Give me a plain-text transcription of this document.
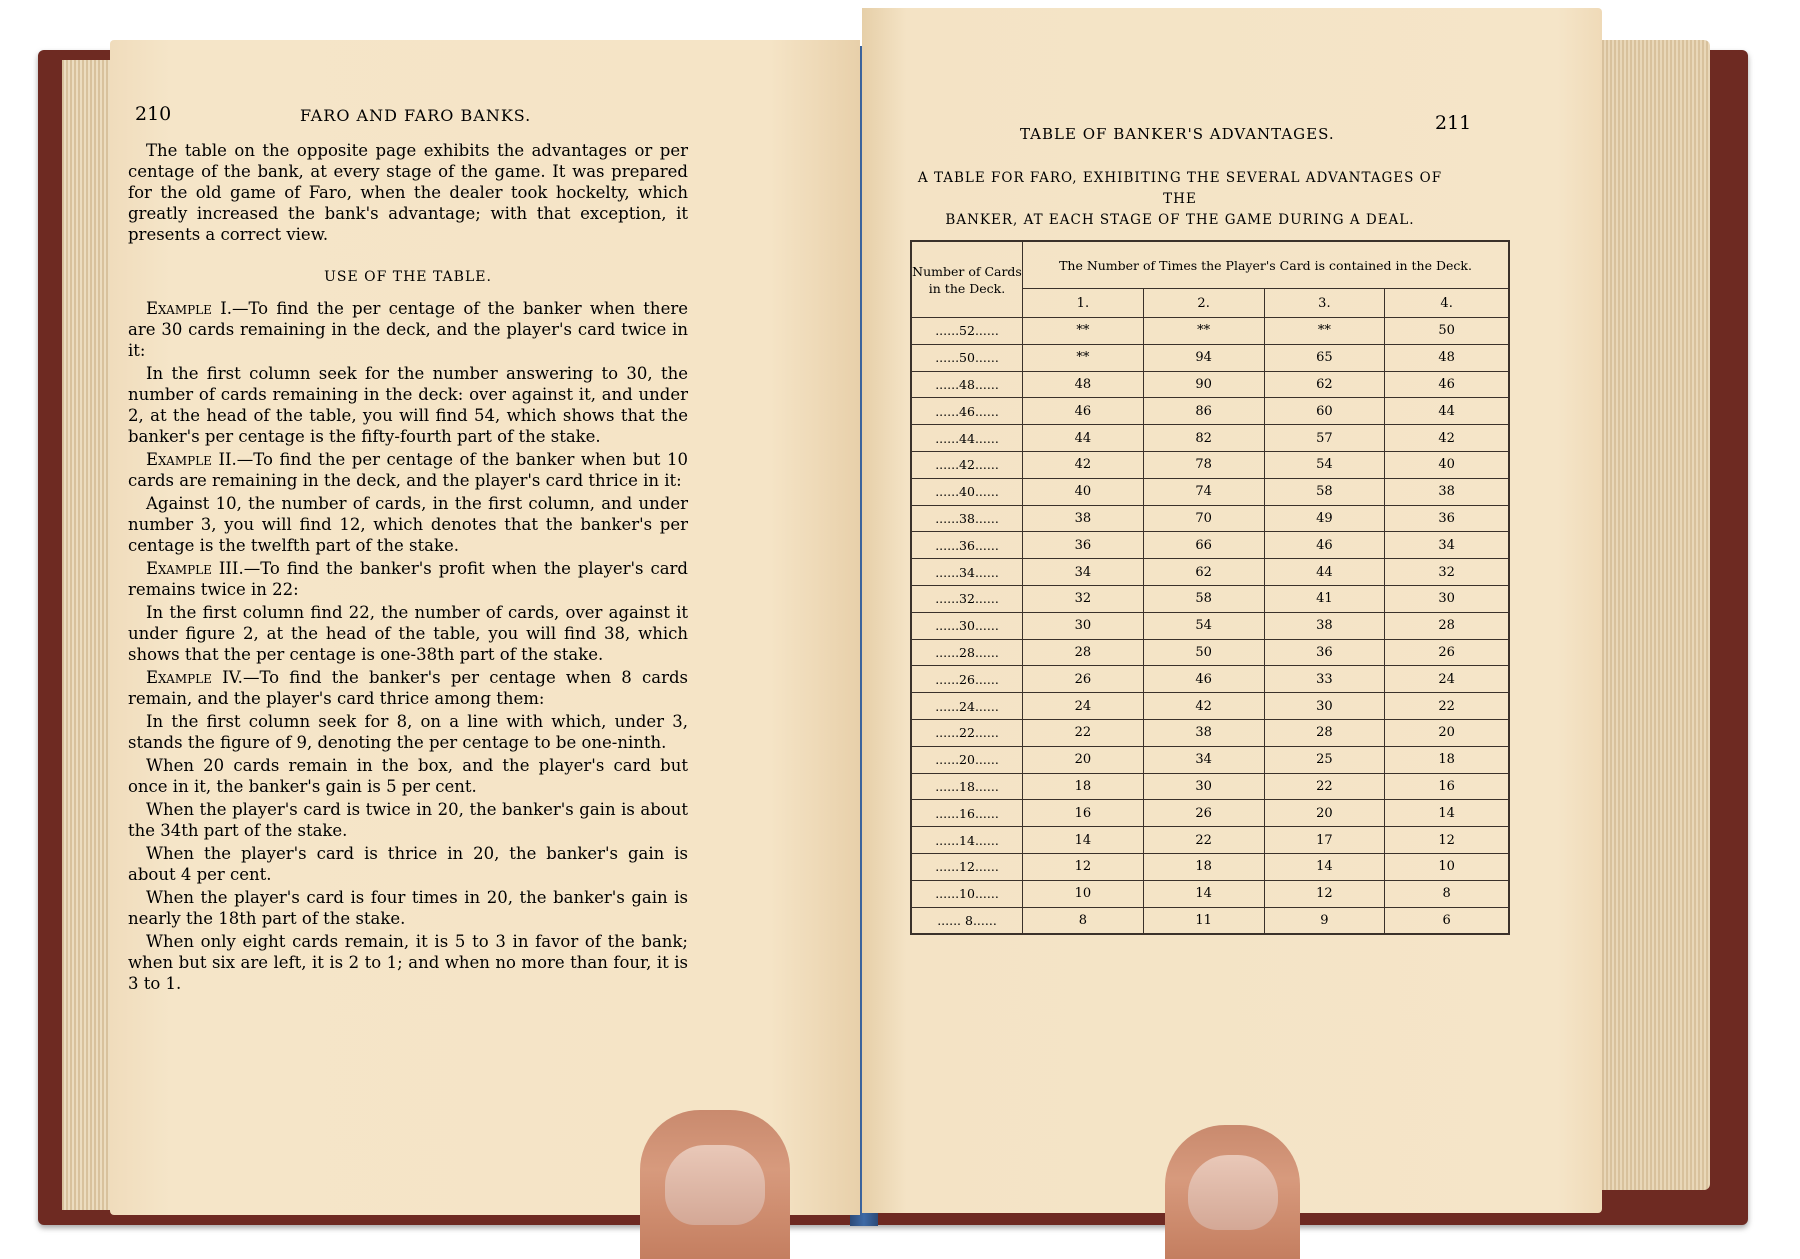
210	FARO AND FARO BANKS.

The table on the opposite page exhibits the advantages or per centage of the bank, at every stage of the game. It was prepared for the old game of Faro, when the dealer took hockelty, which greatly increased the bank's advantage; with that exception, it presents a correct view.

USE OF THE TABLE.

Example I.—To find the per centage of the banker when there are 30 cards remaining in the deck, and the player's card twice in it:

In the first column seek for the number answering to 30, the number of cards remaining in the deck: over against it, and under 2, at the head of the table, you will find 54, which shows that the banker's per centage is the fifty-fourth part of the stake.

Example II.—To find the per centage of the banker when but 10 cards are remaining in the deck, and the player's card thrice in it:

Against 10, the number of cards, in the first column, and under number 3, you will find 12, which denotes that the banker's per centage is the twelfth part of the stake.

Example III.—To find the banker's profit when the player's card remains twice in 22:

In the first column find 22, the number of cards, over against it under figure 2, at the head of the table, you will find 38, which shows that the per centage is one-38th part of the stake.

Example IV.—To find the banker's per centage when 8 cards remain, and the player's card thrice among them:

In the first column seek for 8, on a line with which, under 3, stands the figure of 9, denoting the per centage to be one-ninth.

When 20 cards remain in the box, and the player's card but once in it, the banker's gain is 5 per cent.

When the player's card is twice in 20, the banker's gain is about the 34th part of the stake.

When the player's card is thrice in 20, the banker's gain is about 4 per cent.

When the player's card is four times in 20, the banker's gain is nearly the 18th part of the stake.

When only eight cards remain, it is 5 to 3 in favor of the bank; when but six are left, it is 2 to 1; and when no more than four, it is 3 to 1.

TABLE OF BANKER'S ADVANTAGES.	211
A TABLE FOR FARO, EXHIBITING THE SEVERAL ADVANTAGES OF THE
BANKER, AT EACH STAGE OF THE GAME DURING A DEAL.
Number of Cards in the Deck.	The Number of Times the Player's Card is contained in the Deck.			
	1.	2.	3.	4.
......52......	**	**	**	50
......50......	**	94	65	48
......48......	48	90	62	46
......46......	46	86	60	44
......44......	44	82	57	42
......42......	42	78	54	40
......40......	40	74	58	38
......38......	38	70	49	36
......36......	36	66	46	34
......34......	34	62	44	32
......32......	32	58	41	30
......30......	30	54	38	28
......28......	28	50	36	26
......26......	26	46	33	24
......24......	24	42	30	22
......22......	22	38	28	20
......20......	20	34	25	18
......18......	18	30	22	16
......16......	16	26	20	14
......14......	14	22	17	12
......12......	12	18	14	10
......10......	10	14	12	8
...... 8......	8	11	9	6
